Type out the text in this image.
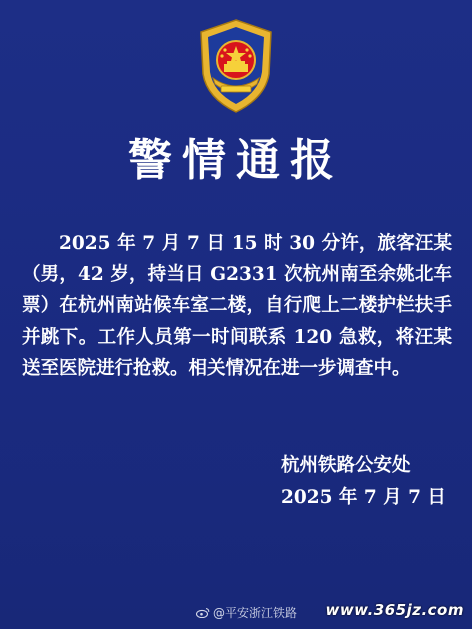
警情通报
2025 年 7 月 7 日 15 时 30 分许，旅客汪某（男，42 岁，持当日 G2331 次杭州南至余姚北车票）在杭州南站候车室二楼，自行爬上二楼护栏扶手并跳下。工作人员第一时间联系 120 急救，将汪某送至医院进行抢救。相关情况在进一步调查中。
杭州铁路公安处
2025 年 7 月 7 日
@平安浙江铁路 www.365jz.com
